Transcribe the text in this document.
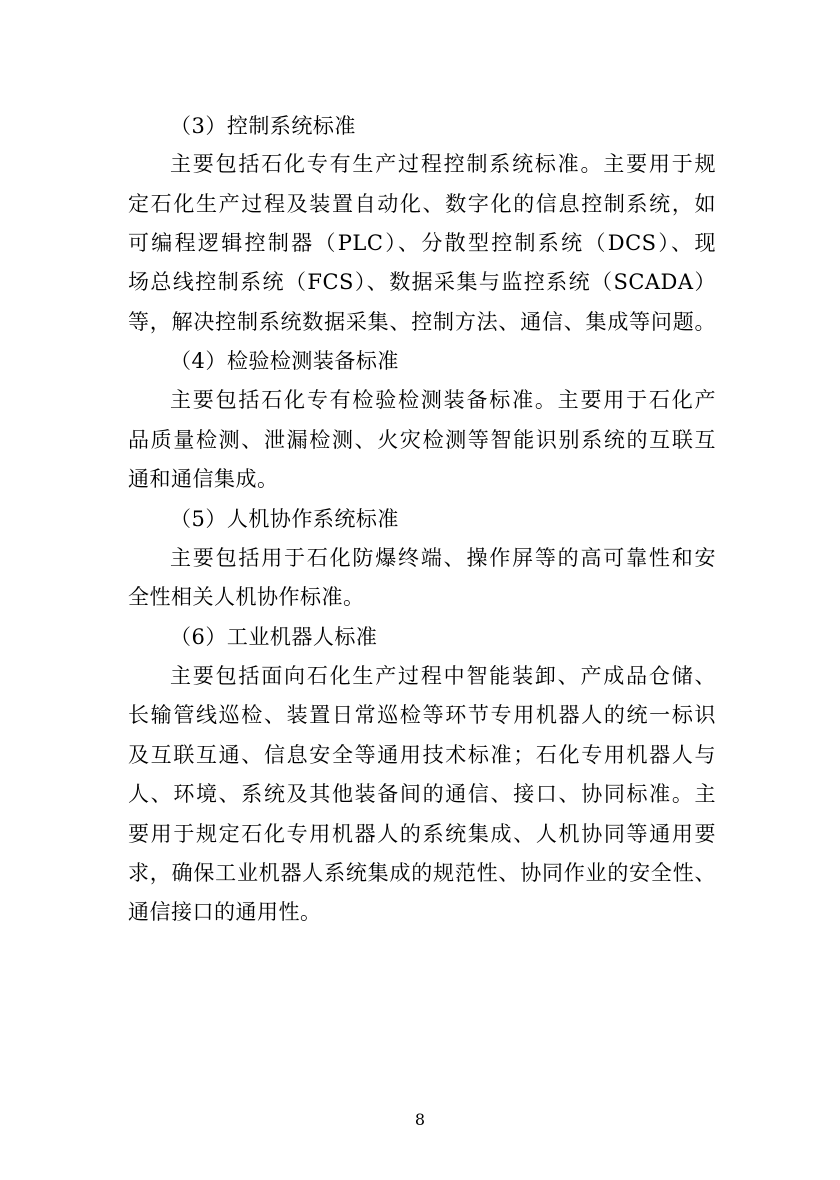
（3）控制系统标准
主要包括石化专有生产过程控制系统标准。主要用于规
定石化生产过程及装置自动化、数字化的信息控制系统，如
可编程逻辑控制器（PLC）、分散型控制系统（DCS）、现
场总线控制系统（FCS）、数据采集与监控系统（SCADA）
等，解决控制系统数据采集、控制方法、通信、集成等问题。
（4）检验检测装备标准
主要包括石化专有检验检测装备标准。主要用于石化产
品质量检测、泄漏检测、火灾检测等智能识别系统的互联互
通和通信集成。
（5）人机协作系统标准
主要包括用于石化防爆终端、操作屏等的高可靠性和安
全性相关人机协作标准。
（6）工业机器人标准
主要包括面向石化生产过程中智能装卸、产成品仓储、
长输管线巡检、装置日常巡检等环节专用机器人的统一标识
及互联互通、信息安全等通用技术标准；石化专用机器人与
人、环境、系统及其他装备间的通信、接口、协同标准。主
要用于规定石化专用机器人的系统集成、人机协同等通用要
求，确保工业机器人系统集成的规范性、协同作业的安全性、
通信接口的通用性。
8
